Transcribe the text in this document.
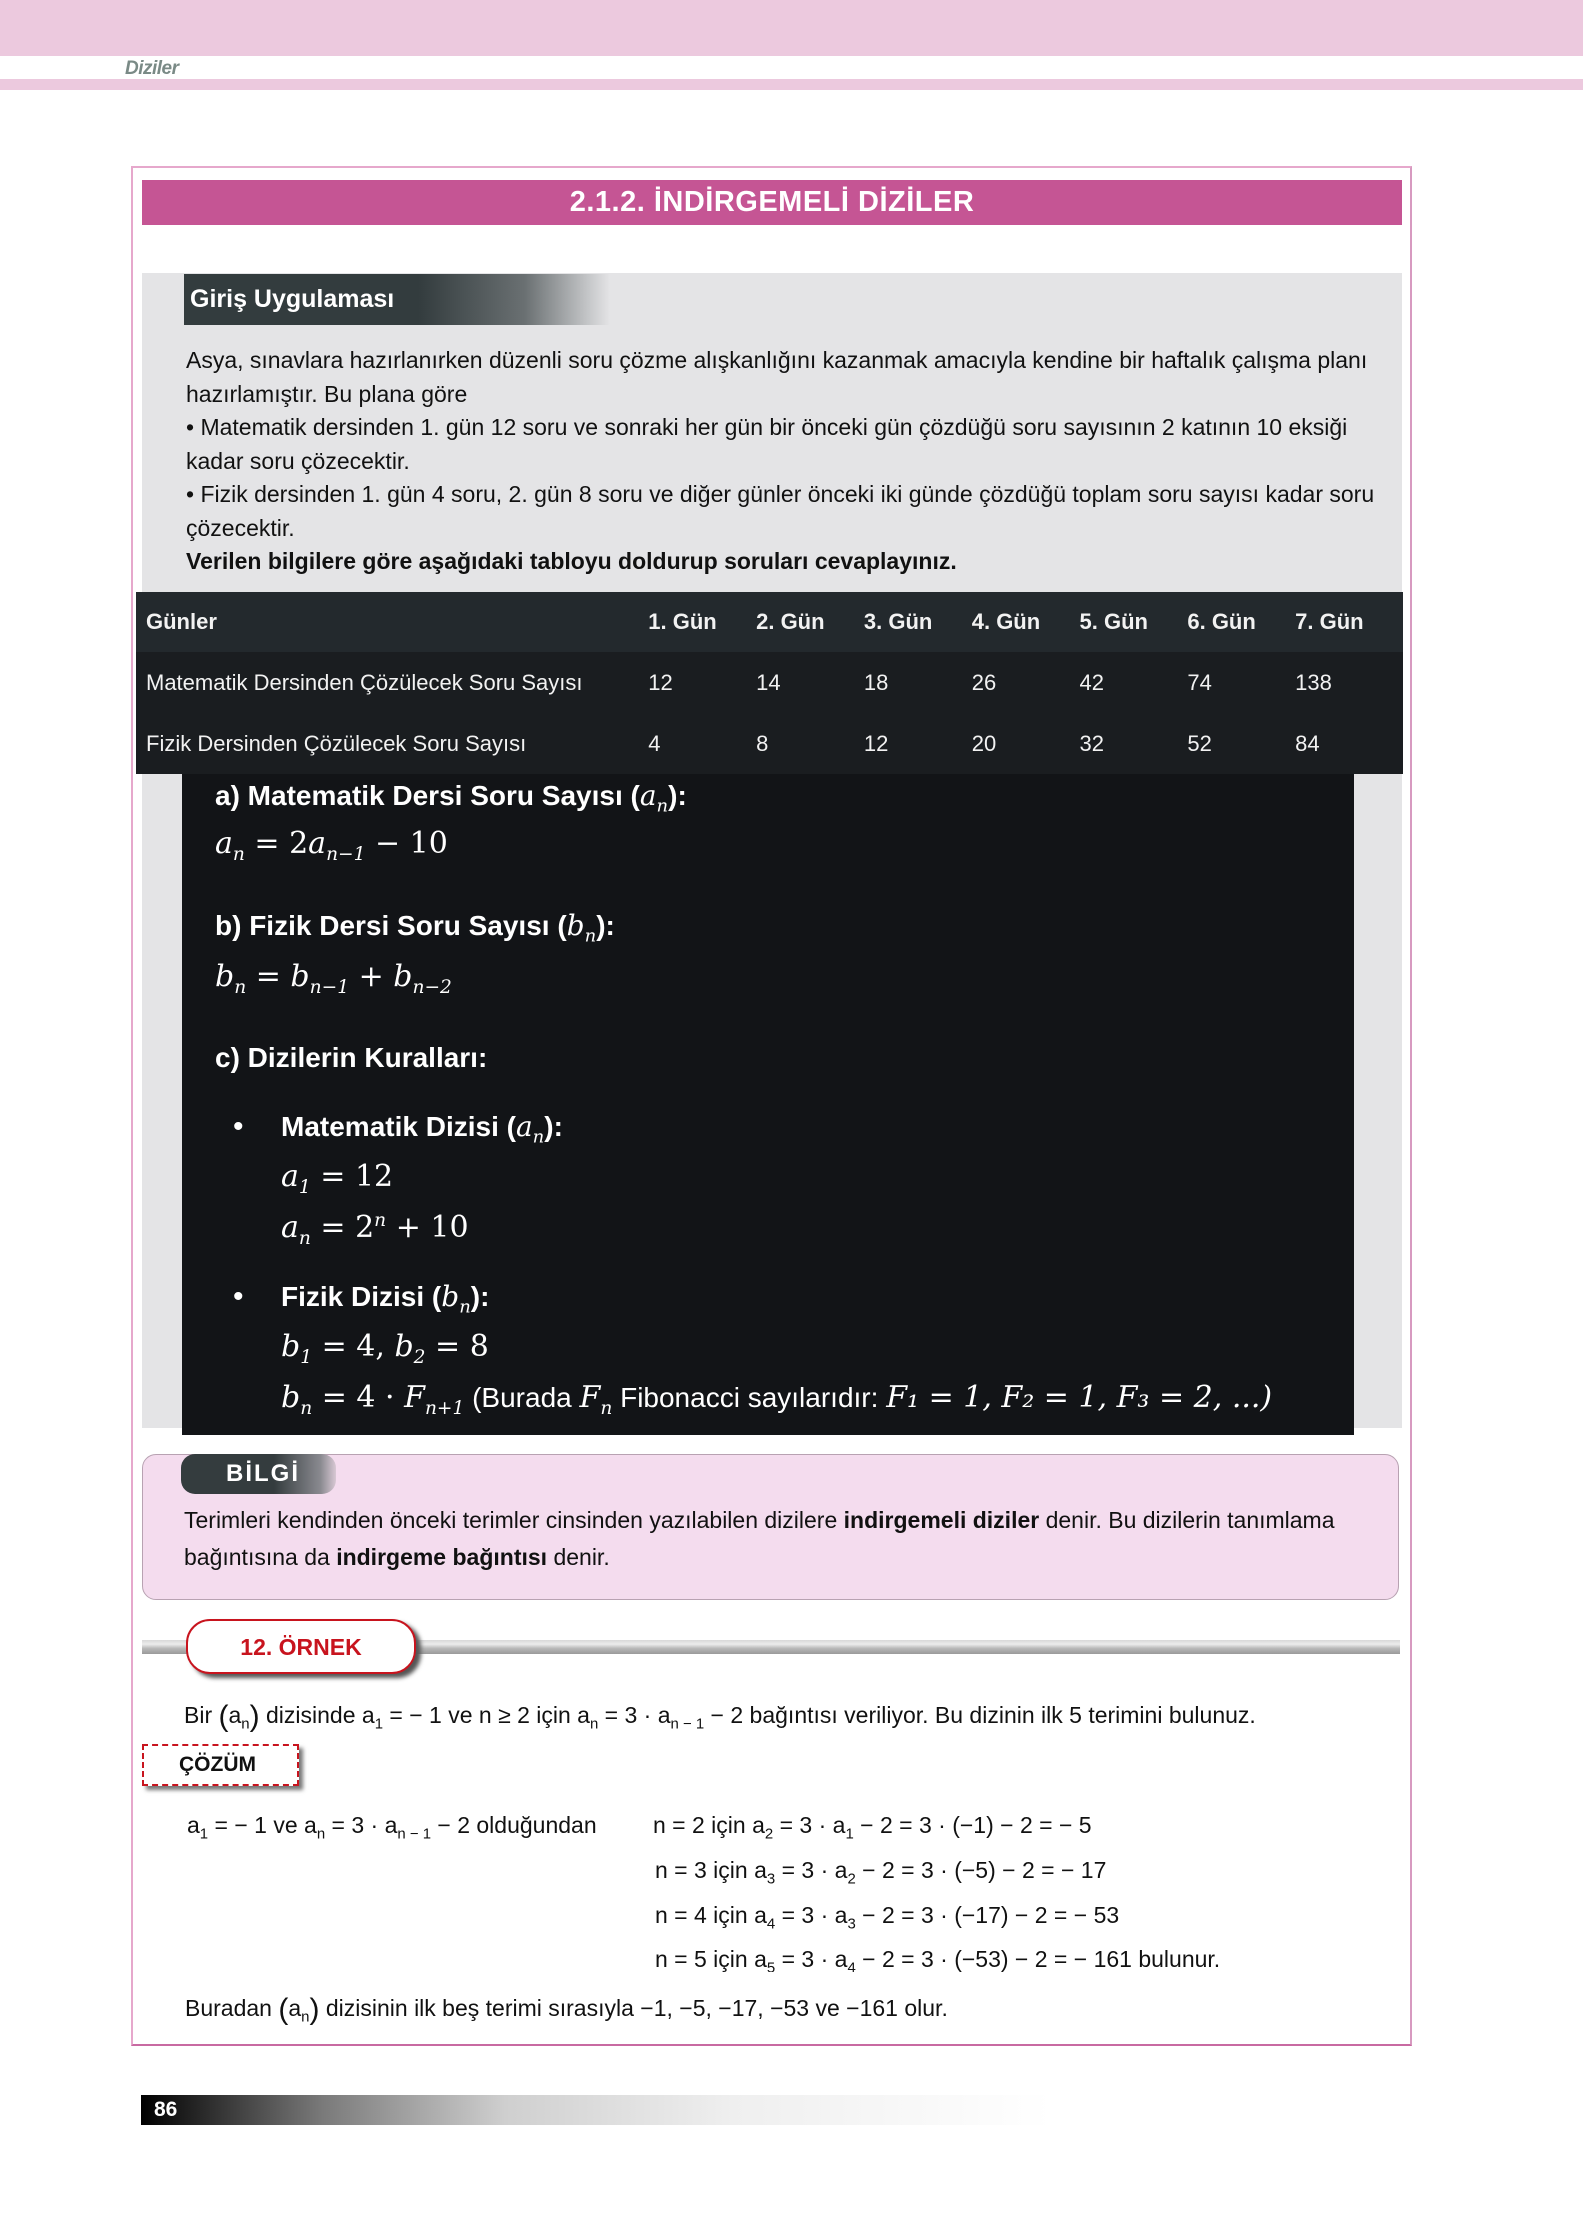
Diziler
2.1.2. İNDİRGEMELİ DİZİLER
Giriş Uygulaması

Asya, sınavlara hazırlanırken düzenli soru çözme alışkanlığını kazanmak amacıyla kendine bir haftalık çalışma planı hazırlamıştır. Bu plana göre

• Matematik dersinden 1. gün 12 soru ve sonraki her gün bir önceki gün çözdüğü soru sayısının 2 katının 10 eksiği kadar soru çözecektir.

• Fizik dersinden 1. gün 4 soru, 2. gün 8 soru ve diğer günler önceki iki günde çözdüğü toplam soru sayısı kadar soru çözecektir.

Verilen bilgilere göre aşağıdaki tabloyu doldurup soruları cevaplayınız.

Günler	1. Gün	2. Gün	3. Gün	4. Gün	5. Gün	6. Gün	7. Gün
Matematik Dersinden Çözülecek Soru Sayısı	12	14	18	26	42	74	138
Fizik Dersinden Çözülecek Soru Sayısı	4	8	12	20	32	52	84
a) Matematik Dersi Soru Sayısı $(a_n)$:
$a_n = 2a_{n-1} - 10$
b) Fizik Dersi Soru Sayısı $(b_n)$:
$b_n = b_{n-1} + b_{n-2}$
c) Dizilerin Kuralları:
• Matematik Dizisi $(a_n)$:
$a_1 = 12$
$a_n = 2^n + 10$
• Fizik Dizisi $(b_n)$:
$b_1 = 4$, $b_2 = 8$
$b_n = 4 \cdot F_{n+1}$ (Burada $F_n$ Fibonacci sayılarıdır: F₁ = 1, F₂ = 1, F₃ = 2, ...)
BİLGİ
Terimleri kendinden önceki terimler cinsinden yazılabilen dizilere indirgemeli diziler denir. Bu dizilerin tanımlama bağıntısına da indirgeme bağıntısı denir.
12. ÖRNEK
Bir $(a_n)$ dizisinde $a_1$ = − 1 ve n ≥ 2 için $a_n = 3 \cdot a_{n - 1} - 2$ bağıntısı veriliyor. Bu dizinin ilk 5 terimini bulunuz.
ÇÖZÜM
$a_1$ = − 1 ve $a_n = 3 \cdot a_{n - 1} - 2$ olduğundan n = 2 için $a_2 = 3 \cdot a_1 - 2 = 3 \cdot (-1) - 2$ = − 5
n = 3 için $a_3 = 3 \cdot a_2 - 2 = 3 \cdot (-5) - 2$ = − 17
n = 4 için $a_4 = 3 \cdot a_3 - 2 = 3 \cdot (-17) - 2$ = − 53
n = 5 için $a_5 = 3 \cdot a_4 - 2 = 3 \cdot (-53) - 2$ = − 161 bulunur.
Buradan $(a_n)$ dizisinin ilk beş terimi sırasıyla −1, −5, −17, −53 ve −161 olur.
86
